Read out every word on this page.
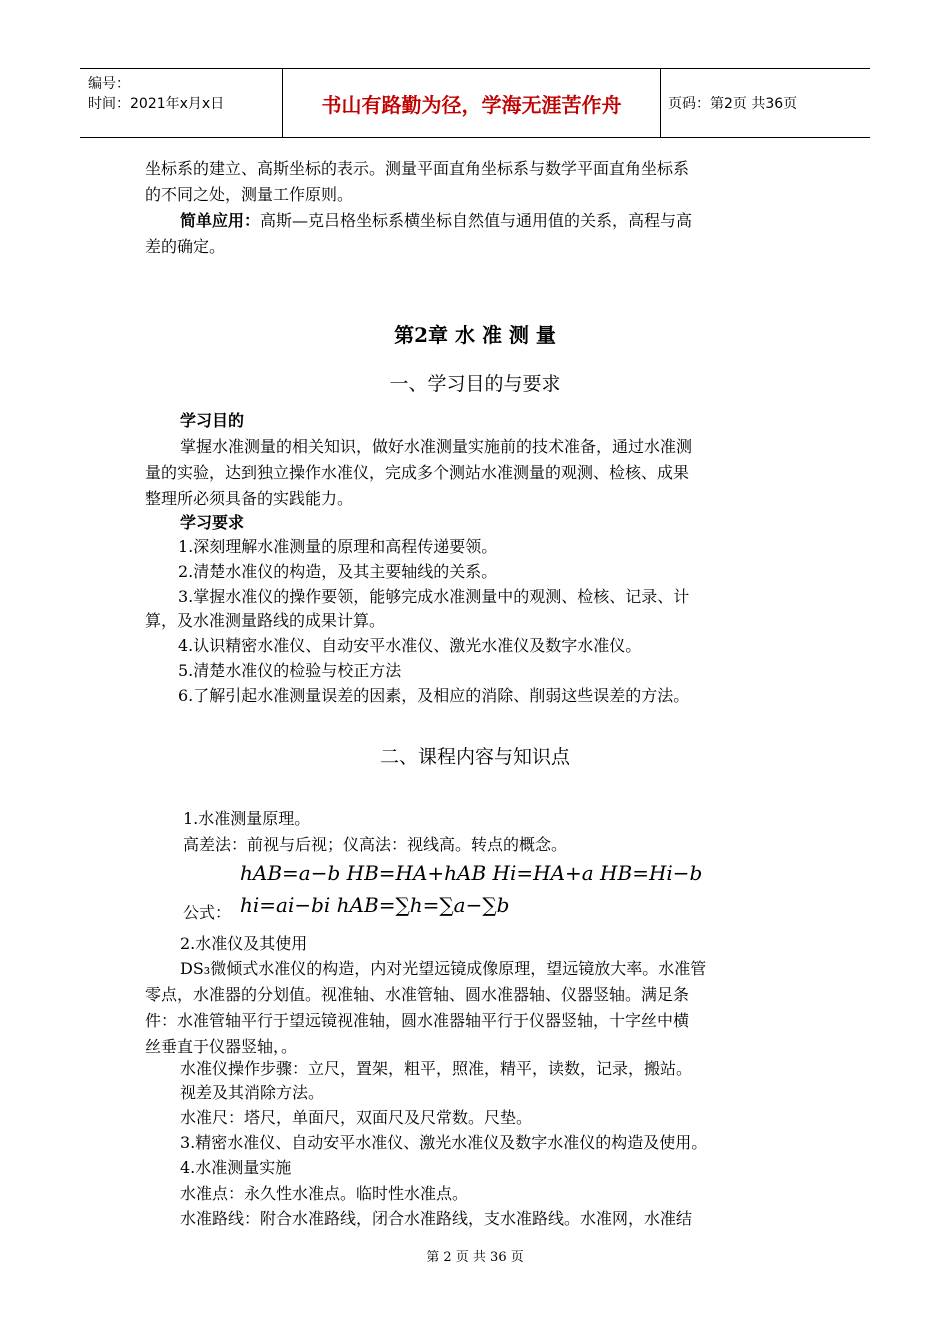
编号：
时间：2021年x月x日	书山有路勤为径，学海无涯苦作舟	页码：第2页 共36页
坐标系的建立、高斯坐标的表示。测量平面直角坐标系与数学平面直角坐标系
的不同之处，测量工作原则。
简单应用：高斯—克吕格坐标系横坐标自然值与通用值的关系，高程与高
差的确定。
第2章 水 准 测 量
一、学习目的与要求
学习目的
掌握水准测量的相关知识，做好水准测量实施前的技术准备，通过水准测
量的实验，达到独立操作水准仪，完成多个测站水准测量的观测、检核、成果
整理所必须具备的实践能力。
学习要求
1.深刻理解水准测量的原理和高程传递要领。
2.清楚水准仪的构造，及其主要轴线的关系。
3.掌握水准仪的操作要领，能够完成水准测量中的观测、检核、记录、计
算，及水准测量路线的成果计算。
4.认识精密水准仪、自动安平水准仪、激光水准仪及数字水准仪。
5.清楚水准仪的检验与校正方法
6.了解引起水准测量误差的因素，及相应的消除、削弱这些误差的方法。
二、课程内容与知识点
1.水准测量原理。
高差法：前视与后视；仪高法：视线高。转点的概念。
hAB=a−b HB=HA+hAB Hi=HA+a HB=Hi−b
公式： hi=ai−bi hAB=∑h=∑a−∑b
2.水准仪及其使用
DS₃微倾式水准仪的构造，内对光望远镜成像原理，望远镜放大率。水准管
零点，水准器的分划值。视准轴、水准管轴、圆水准器轴、仪器竖轴。满足条
件：水准管轴平行于望远镜视准轴，圆水准器轴平行于仪器竖轴，十字丝中横
丝垂直于仪器竖轴，。
水准仪操作步骤：立尺，置架，粗平，照准，精平，读数，记录，搬站。
视差及其消除方法。
水准尺：塔尺，单面尺，双面尺及尺常数。尺垫。
3.精密水准仪、自动安平水准仪、激光水准仪及数字水准仪的构造及使用。
4.水准测量实施
水准点：永久性水准点。临时性水准点。
水准路线：附合水准路线，闭合水准路线，支水准路线。水准网，水准结
第 2 页 共 36 页
